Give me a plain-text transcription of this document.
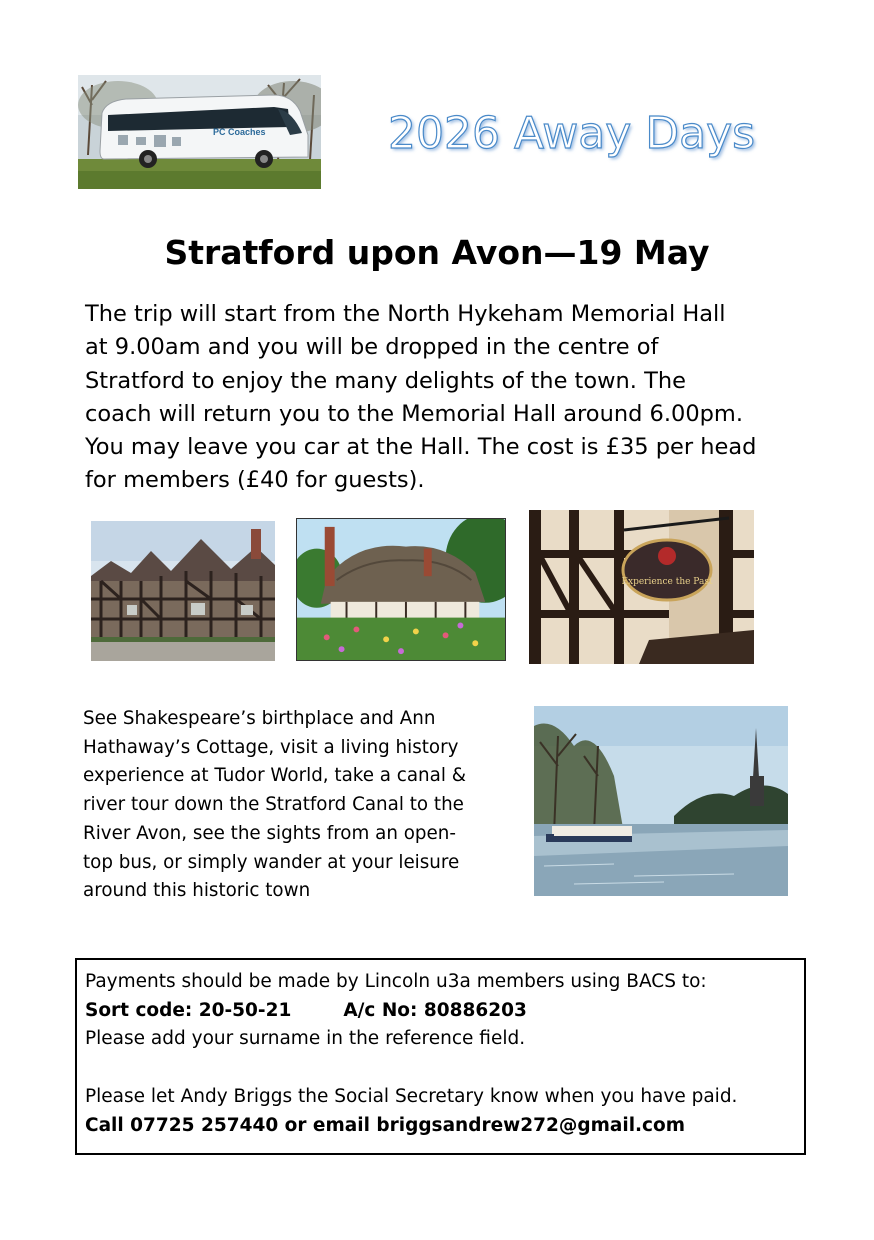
PC Coaches	2026 Away Days
Stratford upon Avon—19 May
The trip will start from the North Hykeham Memorial Hall
at 9.00am and you will be dropped in the centre of
Stratford to enjoy the many delights of the town. The
coach will return you to the Memorial Hall around 6.00pm.
You may leave you car at the Hall. The cost is £35 per head
for members (£40 for guests).
Experience the Past
See Shakespeare’s birthplace and Ann
Hathaway’s Cottage, visit a living history
experience at Tudor World, take a canal &
river tour down the Stratford Canal to the
River Avon, see the sights from an open-
top bus, or simply wander at your leisure
around this historic town
Payments should be made by Lincoln u3a members using BACS to:
Sort code: 20-50-21	A/c No: 80886203
Please add your surname in the reference field.
Please let Andy Briggs the Social Secretary know when you have paid.
Call 07725 257440 or email briggsandrew272@gmail.com
